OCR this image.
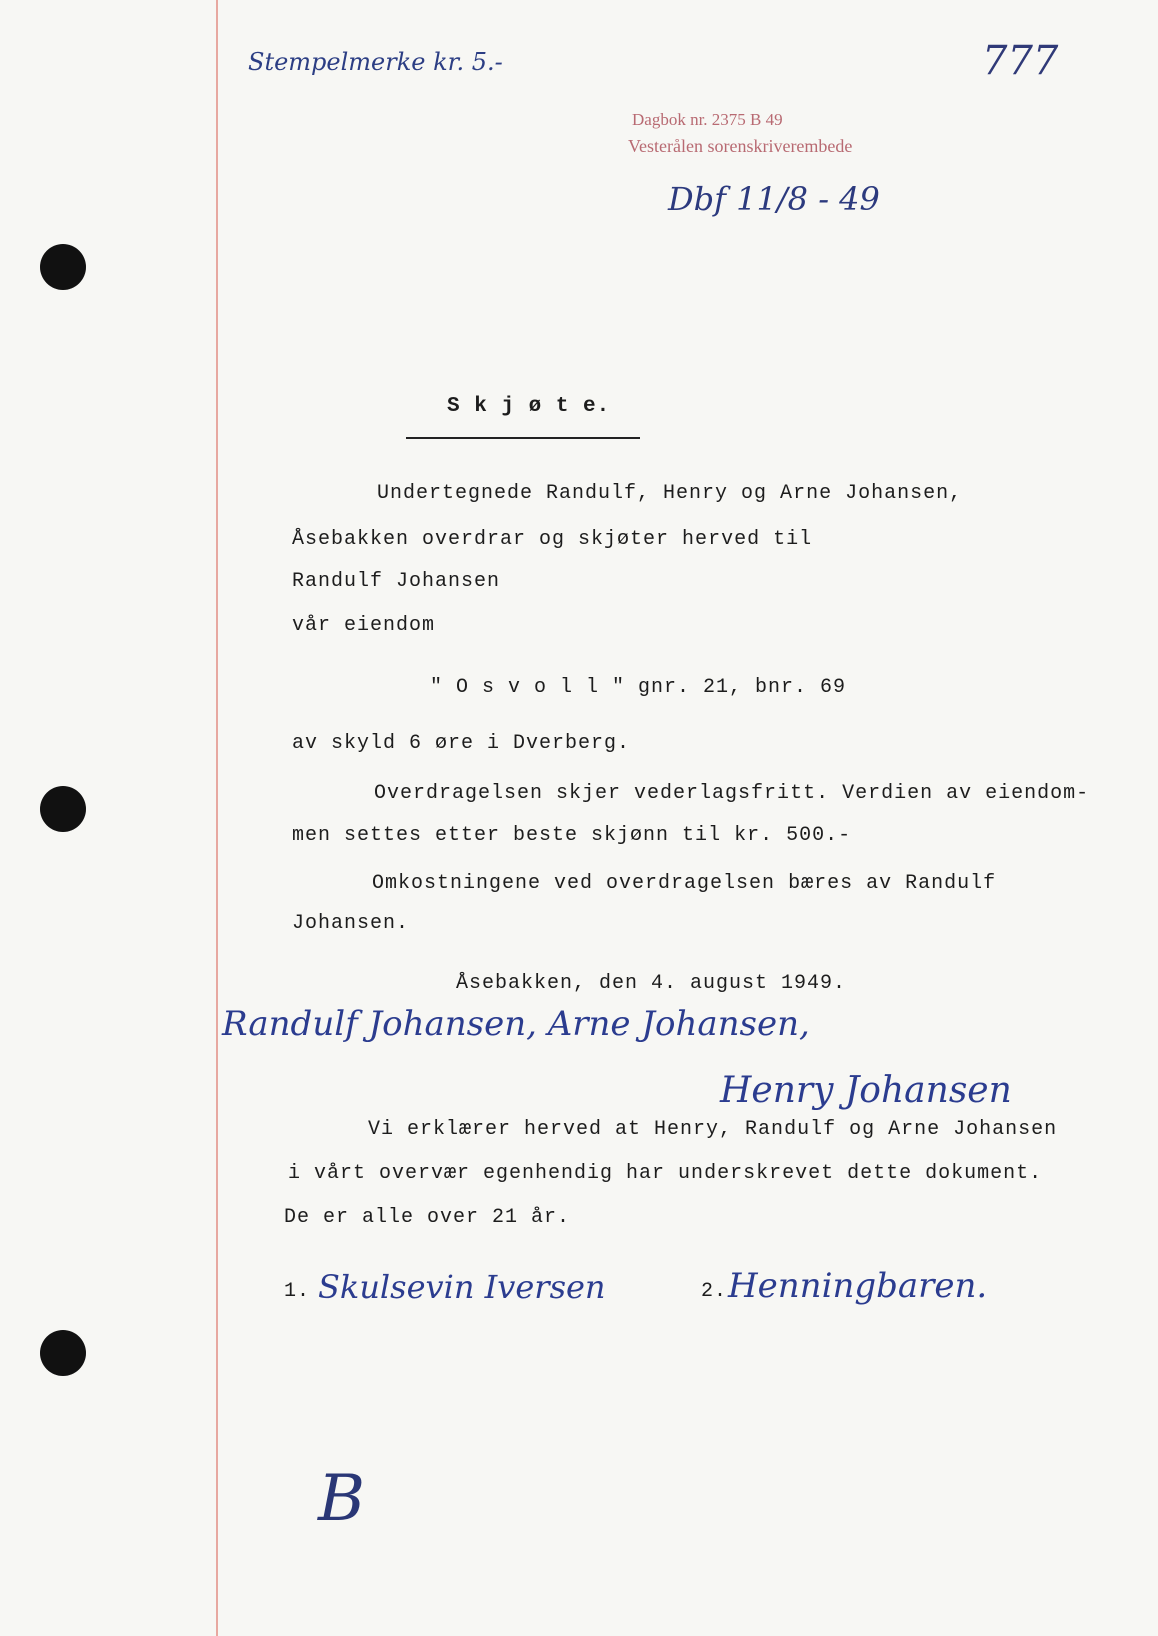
Stempelmerke kr. 5.-	777
Dagbok nr. 2375 B 49
Vesterålen sorenskriverembede
Dbf 11/8 - 49
S k j ø t e.
Undertegnede Randulf, Henry og Arne Johansen,
Åsebakken overdrar og skjøter herved til
Randulf Johansen
vår eiendom
" O s v o l l " gnr. 21, bnr. 69
av skyld 6 øre i Dverberg.
Overdragelsen skjer vederlagsfritt. Verdien av eiendom-
men settes etter beste skjønn til kr. 500.-
Omkostningene ved overdragelsen bæres av Randulf
Johansen.
Åsebakken, den 4. august 1949.
Randulf Johansen, Arne Johansen,
Henry Johansen
Vi erklærer herved at Henry, Randulf og Arne Johansen
i vårt overvær egenhendig har underskrevet dette dokument.
De er alle over 21 år.
1. Skulsevin Iversen	2. Henningbaren.
B
